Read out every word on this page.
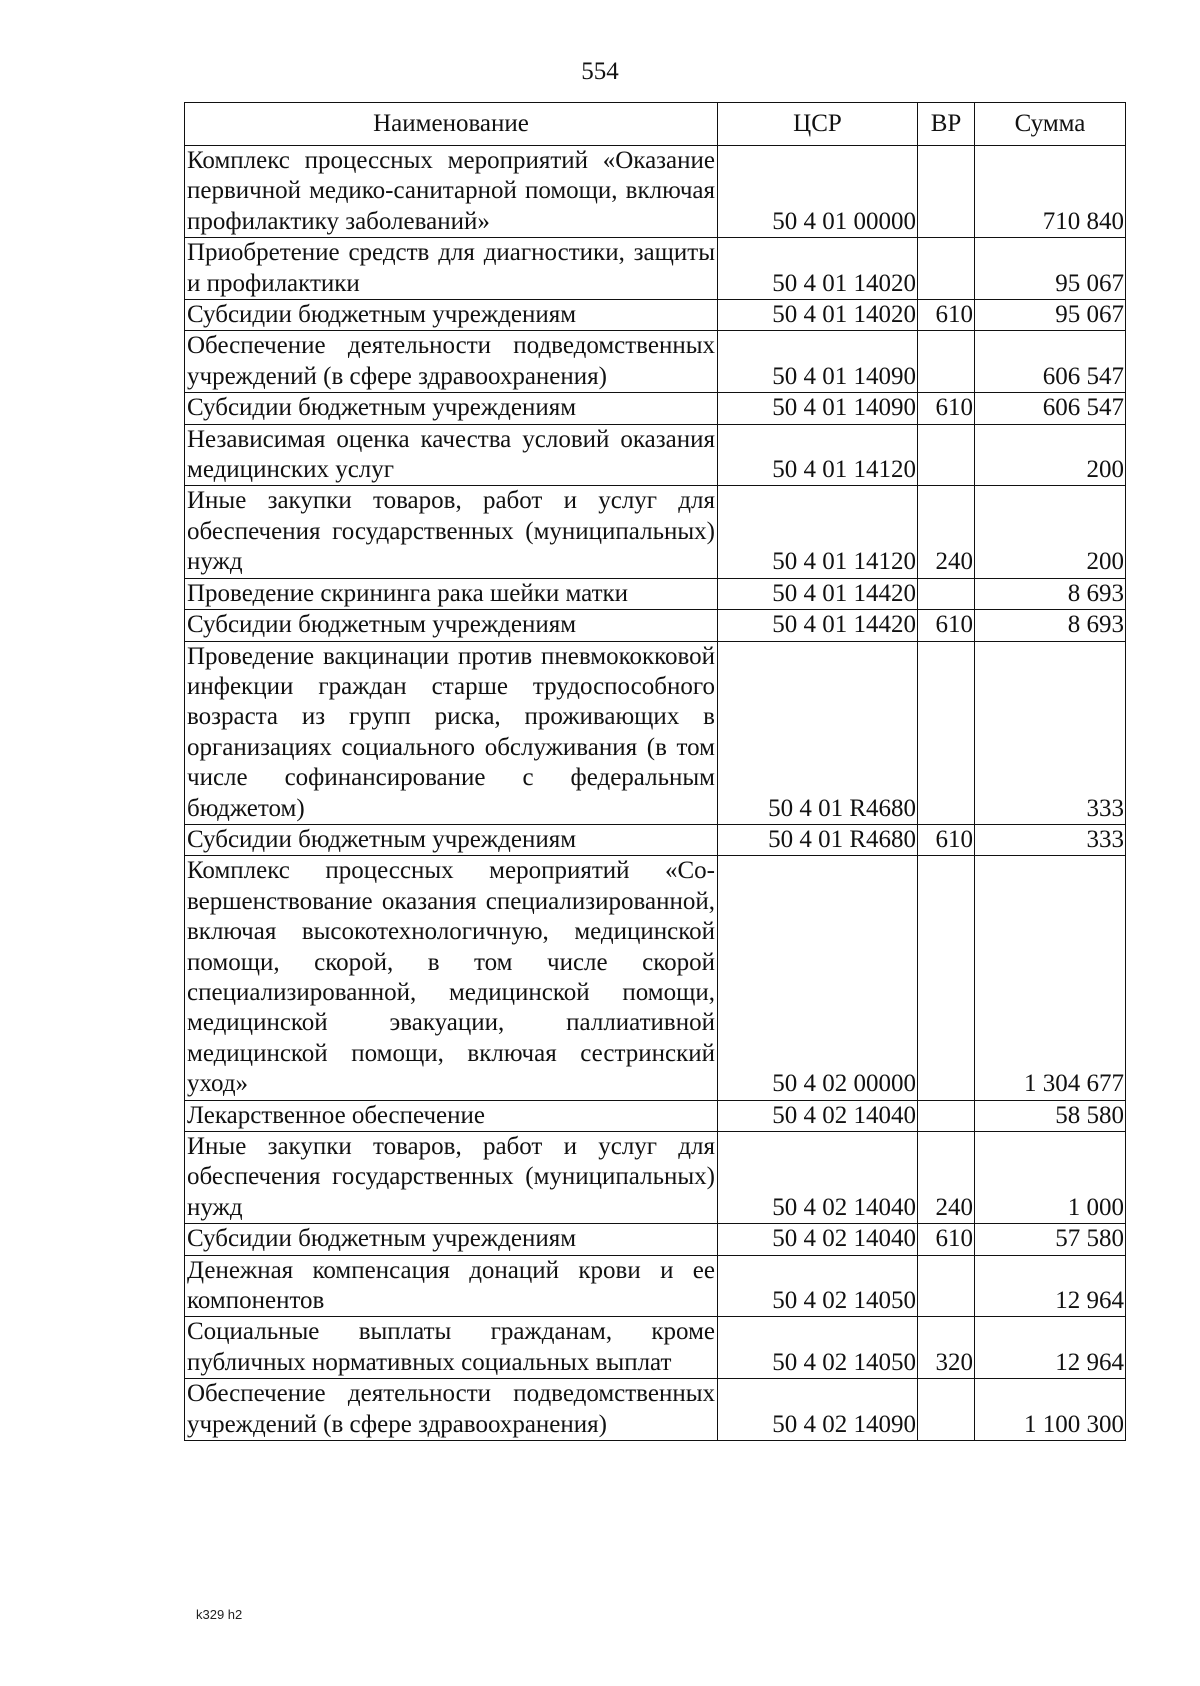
554
Наименование	ЦСР	ВР	Сумма
Комплекс процессных мероприятий «Оказание первичной медико-санитарной помощи, включая профилактику заболеваний»	50 4 01 00000		710 840
Приобретение средств для диагностики, защиты и профилактики	50 4 01 14020		95 067
Субсидии бюджетным учреждениям	50 4 01 14020	610	95 067
Обеспечение деятельности подведомственных учреждений (в сфере здравоохранения)	50 4 01 14090		606 547
Субсидии бюджетным учреждениям	50 4 01 14090	610	606 547
Независимая оценка качества условий оказания медицинских услуг	50 4 01 14120		200
Иные закупки товаров, работ и услуг для обеспечения государственных (муниципальных) нужд	50 4 01 14120	240	200
Проведение скрининга рака шейки матки	50 4 01 14420		8 693
Субсидии бюджетным учреждениям	50 4 01 14420	610	8 693
Проведение вакцинации против пневмококковой инфекции граждан старше трудоспособного возраста из групп риска, проживающих в организациях социального обслуживания (в том числе софинансирование с федеральным бюджетом)	50 4 01 R4680		333
Субсидии бюджетным учреждениям	50 4 01 R4680	610	333
Комплекс процессных мероприятий «Совершенствование оказания специализированной, включая высокотехнологичную, медицинской помощи, скорой, в том числе скорой специализированной, медицинской помощи, медицинской эвакуации, паллиативной медицинской помощи, включая сестринский уход»	50 4 02 00000		1 304 677
Лекарственное обеспечение	50 4 02 14040		58 580
Иные закупки товаров, работ и услуг для обеспечения государственных (муниципальных) нужд	50 4 02 14040	240	1 000
Субсидии бюджетным учреждениям	50 4 02 14040	610	57 580
Денежная компенсация донаций крови и ее компонентов	50 4 02 14050		12 964
Социальные выплаты гражданам, кроме публичных нормативных социальных выплат	50 4 02 14050	320	12 964
Обеспечение деятельности подведомственных учреждений (в сфере здравоохранения)	50 4 02 14090		1 100 300
k329 h2
